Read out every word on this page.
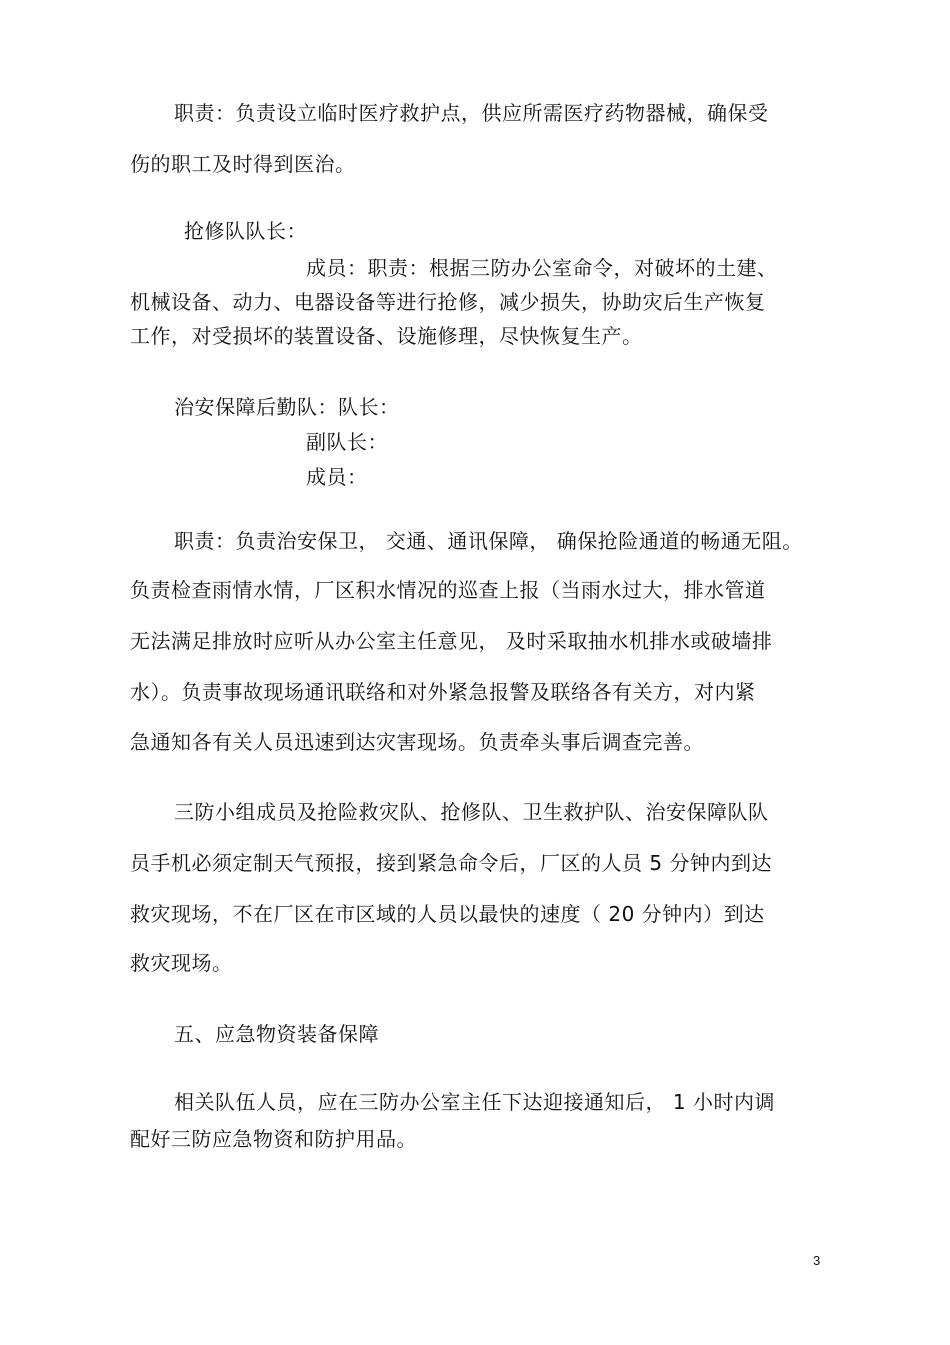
职责：负责设立临时医疗救护点，供应所需医疗药物器械，确保受
伤的职工及时得到医治。
抢修队队长：
成员：职责：根据三防办公室命令，对破坏的土建、
机械设备、动力、电器设备等进行抢修，减少损失，协助灾后生产恢复
工作，对受损坏的装置设备、设施修理，尽快恢复生产。
治安保障后勤队：队长：
副队长：
成员：
职责：负责治安保卫， 交通、通讯保障， 确保抢险通道的畅通无阻。
负责检查雨情水情，厂区积水情况的巡查上报（当雨水过大，排水管道
无法满足排放时应听从办公室主任意见， 及时采取抽水机排水或破墙排
水）。负责事故现场通讯联络和对外紧急报警及联络各有关方，对内紧
急通知各有关人员迅速到达灾害现场。负责牵头事后调查完善。
三防小组成员及抢险救灾队、抢修队、卫生救护队、治安保障队队
员手机必须定制天气预报，接到紧急命令后，厂区的人员 5 分钟内到达
救灾现场，不在厂区在市区域的人员以最快的速度（ 20 分钟内）到达
救灾现场。
五、应急物资装备保障
相关队伍人员，应在三防办公室主任下达迎接通知后， 1 小时内调
配好三防应急物资和防护用品。
3
